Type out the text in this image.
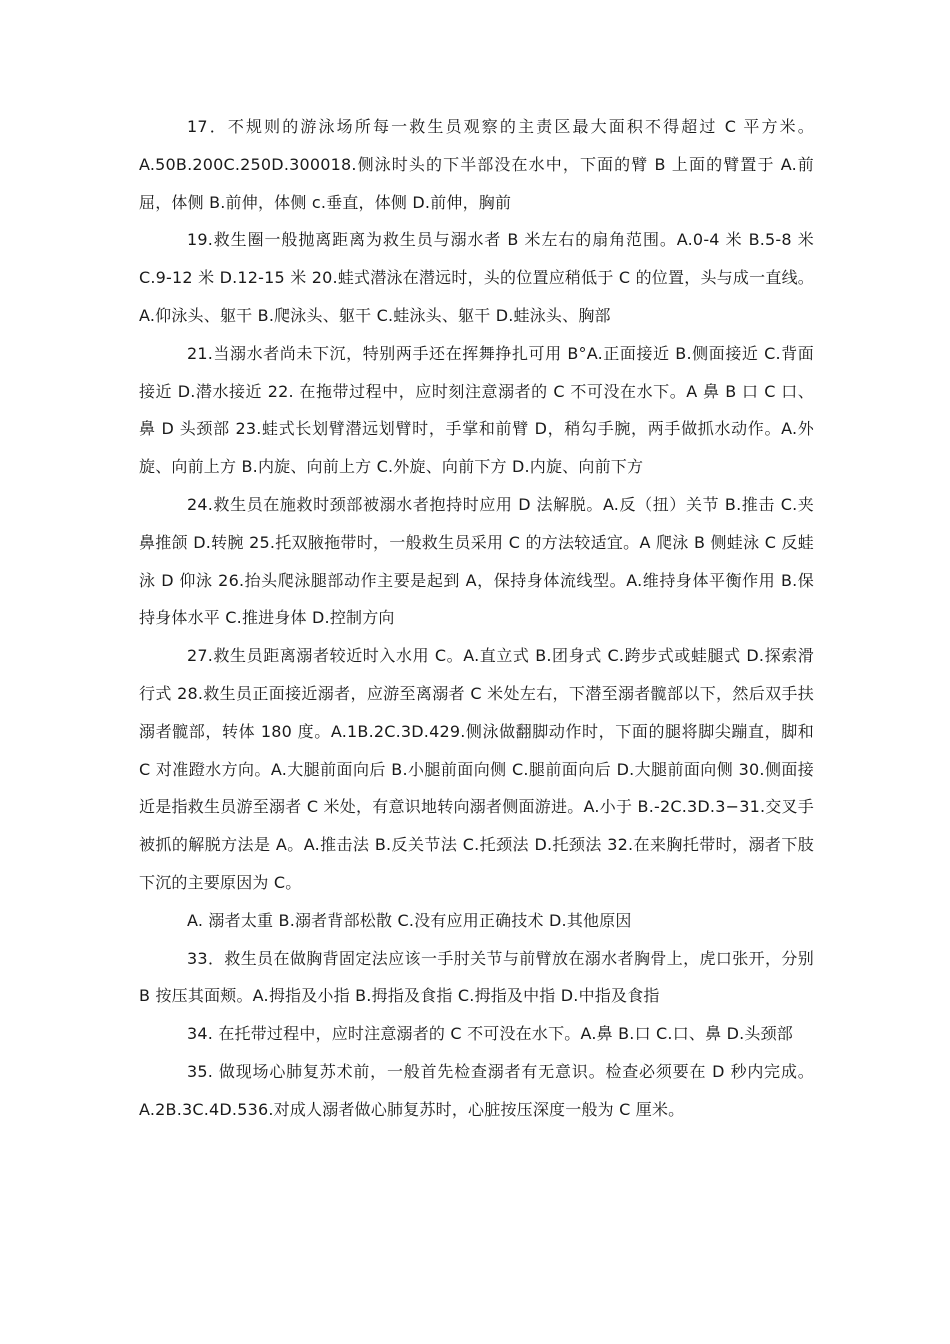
17．不规则的游泳场所每一救生员观察的主责区最大面积不得超过 C 平方米。A.50B.200C.250D.300018.侧泳时头的下半部没在水中，下面的臂 B 上面的臂置于 A.前屈，体侧 B.前伸，体侧 c.垂直，体侧 D.前伸，胸前

19.救生圈一般抛离距离为救生员与溺水者 B 米左右的扇角范围。A.0-4 米 B.5-8 米 C.9-12 米 D.12-15 米 20.蛙式潜泳在潜远时，头的位置应稍低于 C 的位置，头与成一直线。A.仰泳头、躯干 B.爬泳头、躯干 C.蛙泳头、躯干 D.蛙泳头、胸部

21.当溺水者尚未下沉，特别两手还在挥舞挣扎可用 B°A.正面接近 B.侧面接近 C.背面接近 D.潜水接近 22. 在拖带过程中，应时刻注意溺者的 C 不可没在水下。A 鼻 B 口 C 口、鼻 D 头颈部 23.蛙式长划臂潜远划臂时，手掌和前臂 D，稍勾手腕，两手做抓水动作。A.外旋、向前上方 B.内旋、向前上方 C.外旋、向前下方 D.内旋、向前下方

24.救生员在施救时颈部被溺水者抱持时应用 D 法解脱。A.反（扭）关节 B.推击 C.夹鼻推颌 D.转腕 25.托双腋拖带时，一般救生员采用 C 的方法较适宜。A 爬泳 B 侧蛙泳 C 反蛙泳 D 仰泳 26.抬头爬泳腿部动作主要是起到 A，保持身体流线型。A.维持身体平衡作用 B.保持身体水平 C.推进身体 D.控制方向

27.救生员距离溺者较近时入水用 C。A.直立式 B.团身式 C.跨步式或蛙腿式 D.探索滑行式 28.救生员正面接近溺者，应游至离溺者 C 米处左右，下潜至溺者髋部以下，然后双手扶溺者髋部，转体 180 度。A.1B.2C.3D.429.侧泳做翻脚动作时，下面的腿将脚尖蹦直，脚和 C 对准蹬水方向。A.大腿前面向后 B.小腿前面向侧 C.腿前面向后 D.大腿前面向侧 30.侧面接近是指救生员游至溺者 C 米处，有意识地转向溺者侧面游进。A.小于 B.-2C.3D.3−31.交叉手被抓的解脱方法是 A。A.推击法 B.反关节法 C.托颈法 D.托颈法 32.在来胸托带时，溺者下肢下沉的主要原因为 C。

A. 溺者太重 B.溺者背部松散 C.没有应用正确技术 D.其他原因

33．救生员在做胸背固定法应该一手肘关节与前臂放在溺水者胸骨上，虎口张开，分别 B 按压其面颊。A.拇指及小指 B.拇指及食指 C.拇指及中指 D.中指及食指

34. 在托带过程中，应时注意溺者的 C 不可没在水下。A.鼻 B.口 C.口、鼻 D.头颈部

35. 做现场心肺复苏术前，一般首先检查溺者有无意识。检查必须要在 D 秒内完成。A.2B.3C.4D.536.对成人溺者做心肺复苏时，心脏按压深度一般为 C 厘米。
